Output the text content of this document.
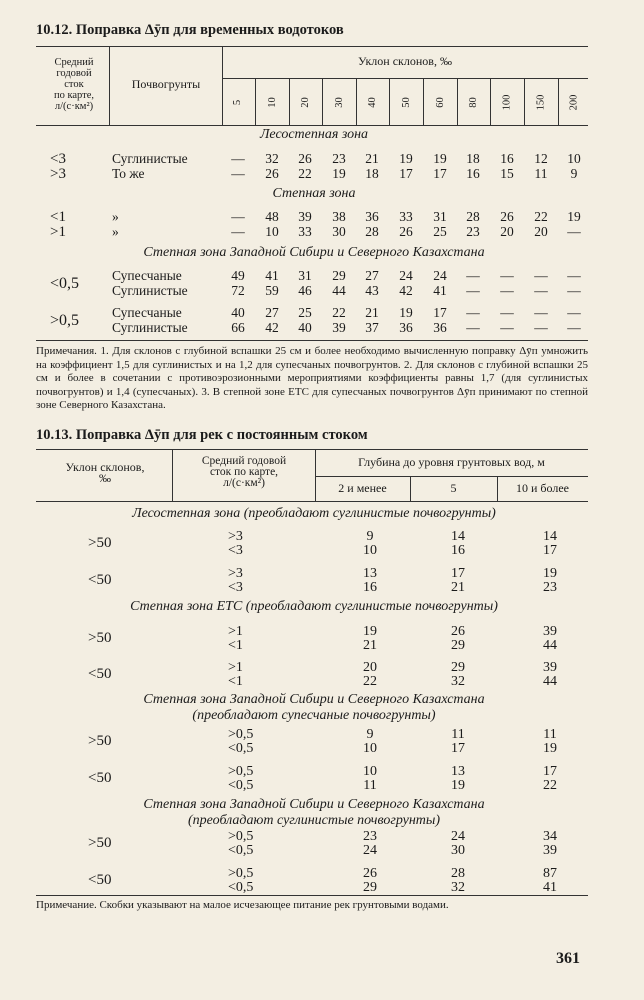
10.12. Поправка Δȳп для временных водотоков
Средний
годовой
сток
по карте,
л/(с·км²)
Почвогрунты
Уклон склонов, ‰
5 10 20 30 40 50 60 80 100 150 200
Лесостепная зона
Степная зона
Степная зона Западной Сибири и Северного Казахстана
<3	Суглинистые	—	32	26	23	21	19	19	18	16	12	10
>3	То же	—	26	22	19	18	17	17	16	15	11	9
<1	»	—	48	39	38	36	33	31	28	26	22	19
>1	»	—	10	33	30	28	26	25	23	20	20	—
<0,5 Супесчаные	49	41	31	29	27	24	24	—	—	—	—
Суглинистые	72	59	46	44	43	42	41	—	—	—	—
>0,5 Супесчаные	40	27	25	22	21	19	17	—	—	—	—
Суглинистые	66	42	40	39	37	36	36	—	—	—	—
Примечания. 1. Для склонов с глубиной вспашки 25 см и более необходимо вычисленную поправку Δȳп умножить на коэффициент 1,5 для суглинистых и на 1,2 для супесчаных почвогрунтов. 2. Для склонов с глубиной вспашки 25 см и более в сочетании с противоэрозионными мероприятиями коэффициенты равны 1,7 (для суглинистых почвогрунтов) и 1,4 (супесчаных). 3. В степной зоне ЕТС для супесчаных почвогрунтов Δȳп принимают по степной зоне Северного Казахстана.
10.13. Поправка Δȳп для рек с постоянным стоком
Уклон склонов,
‰
Средний годовой
сток по карте,
л/(с·км²)
Глубина до уровня грунтовых вод, м
2 и менее	5	10 и более
Лесостепная зона (преобладают суглинистые почвогрунты)
Степная зона ЕТС (преобладают суглинистые почвогрунты)
Степная зона Западной Сибири и Северного Казахстана
(преобладают супесчаные почвогрунты)
Степная зона Западной Сибири и Северного Казахстана
(преобладают суглинистые почвогрунты)
>50	>3	9	14	14
<3	10	16	17
<50	>3	13	17	19
<3	16	21	23
>50	>1	19	26	39
<1	21	29	44
<50	>1	20	29	39
<1	22	32	44
>50	>0,5	9	11	11
<0,5	10	17	19
<50	>0,5	10	13	17
<0,5	11	19	22
>50	>0,5	23	24	34
<0,5	24	30	39
<50	>0,5	26	28	87
<0,5	29	32	41
Примечание. Скобки указывают на малое исчезающее питание рек грунтовыми водами.
361
